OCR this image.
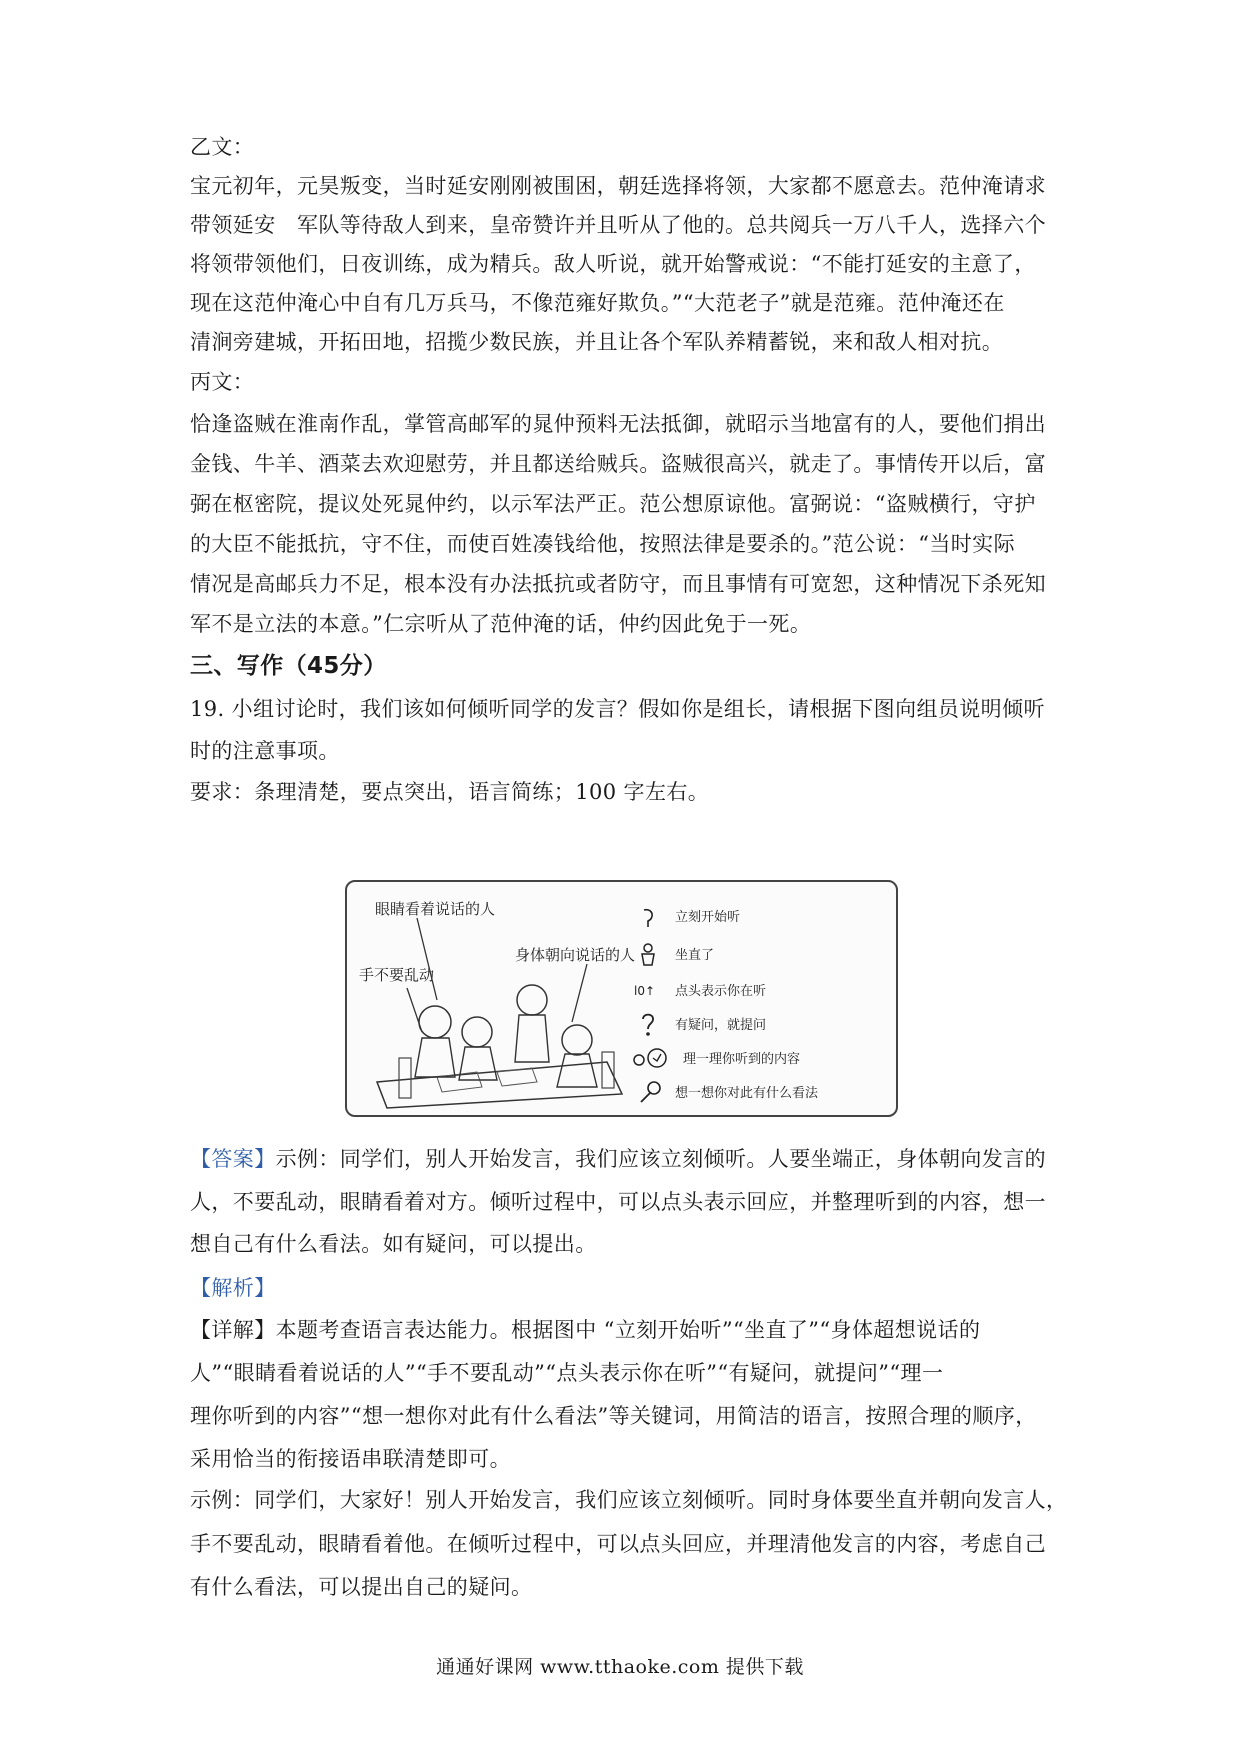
乙文：
宝元初年，元昊叛变，当时延安刚刚被围困，朝廷选择将领，大家都不愿意去。范仲淹请求
带领延安　军队等待敌人到来，皇帝赞许并且听从了他的。总共阅兵一万八千人，选择六个
将领带领他们，日夜训练，成为精兵。敌人听说，就开始警戒说：“不能打延安的主意了，
现在这范仲淹心中自有几万兵马，不像范雍好欺负。”“大范老子”就是范雍。范仲淹还在
清涧旁建城，开拓田地，招揽少数民族，并且让各个军队养精蓄锐，来和敌人相对抗。
丙文：
恰逢盗贼在淮南作乱，掌管高邮军的晁仲预料无法抵御，就昭示当地富有的人，要他们捐出
金钱、牛羊、酒菜去欢迎慰劳，并且都送给贼兵。盗贼很高兴，就走了。事情传开以后，富
弼在枢密院，提议处死晁仲约，以示军法严正。范公想原谅他。富弼说：“盗贼横行，守护
的大臣不能抵抗，守不住，而使百姓凑钱给他，按照法律是要杀的。”范公说：“当时实际
情况是高邮兵力不足，根本没有办法抵抗或者防守，而且事情有可宽恕，这种情况下杀死知
军不是立法的本意。”仁宗听从了范仲淹的话，仲约因此免于一死。
三、写作（45分）
19. 小组讨论时，我们该如何倾听同学的发言？假如你是组长，请根据下图向组员说明倾听
时的注意事项。
要求：条理清楚，要点突出，语言简练；100 字左右。
眼睛看着说话的人
身体朝向说话的人
手不要乱动
立刻开始听
坐直了
l0↑ 点头表示你在听
有疑问，就提问
理一理你听到的内容
想一想你对此有什么看法
【答案】示例：同学们，别人开始发言，我们应该立刻倾听。人要坐端正，身体朝向发言的
人，不要乱动，眼睛看着对方。倾听过程中，可以点头表示回应，并整理听到的内容，想一
想自己有什么看法。如有疑问，可以提出。
【解析】
【详解】本题考查语言表达能力。根据图中 “立刻开始听”“坐直了”“身体超想说话的
人”“眼睛看着说话的人”“手不要乱动”“点头表示你在听”“有疑问，就提问”“理一
理你听到的内容”“想一想你对此有什么看法”等关键词，用简洁的语言，按照合理的顺序，
采用恰当的衔接语串联清楚即可。
示例：同学们，大家好！别人开始发言，我们应该立刻倾听。同时身体要坐直并朝向发言人，
手不要乱动，眼睛看着他。在倾听过程中，可以点头回应，并理清他发言的内容，考虑自己
有什么看法，可以提出自己的疑问。
通通好课网 www.tthaoke.com 提供下载
